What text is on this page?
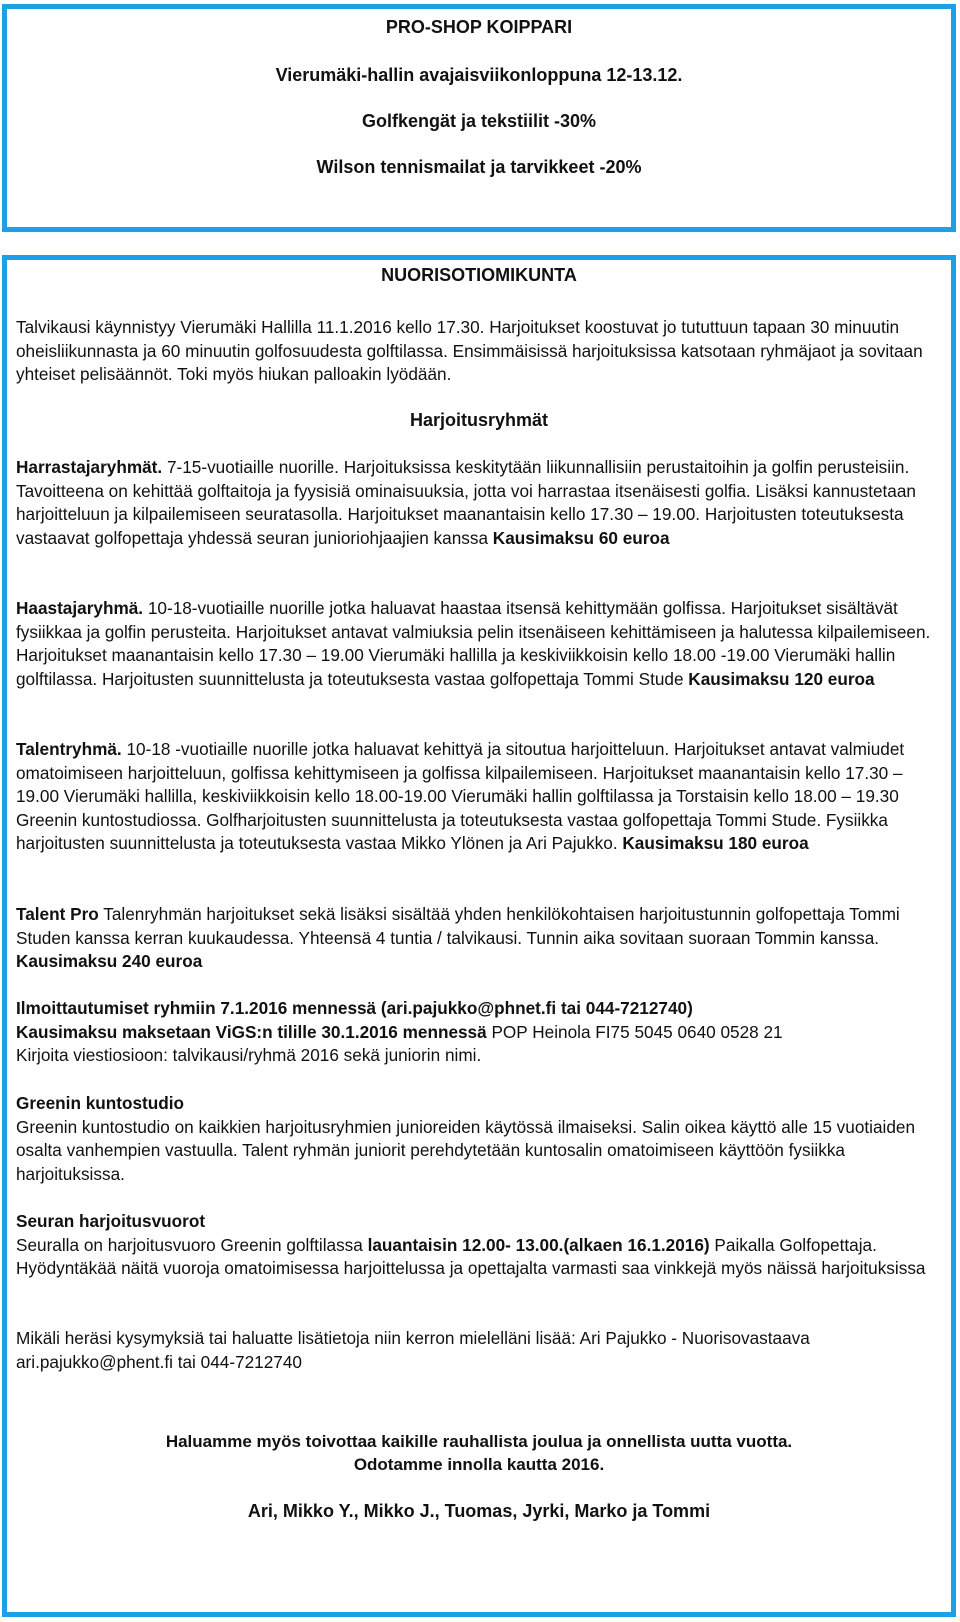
PRO-SHOP KOIPPARI
Vierumäki-hallin avajaisviikonloppuna 12-13.12.
Golfkengät ja tekstiilit -30%
Wilson tennismailat ja tarvikkeet -20%
NUORISOTIOMIKUNTA

Talvikausi käynnistyy Vierumäki Hallilla 11.1.2016 kello 17.30. Harjoitukset koostuvat jo tututtuun tapaan 30 minuutin oheisliikunnasta ja 60 minuutin golfosuudesta golftilassa. Ensimmäisissä harjoituksissa katsotaan ryhmäjaot ja sovitaan yhteiset pelisäännöt. Toki myös hiukan palloakin lyödään.

Harjoitusryhmät

Harrastajaryhmät. 7-15-vuotiaille nuorille. Harjoituksissa keskitytään liikunnallisiin perustaitoihin ja golfin perusteisiin. Tavoitteena on kehittää golftaitoja ja fyysisiä ominaisuuksia, jotta voi harrastaa itsenäisesti golfia. Lisäksi kannustetaan harjoitteluun ja kilpailemiseen seuratasolla. Harjoitukset maanantaisin kello 17.30 – 19.00. Harjoitusten toteutuksesta vastaavat golfopettaja yhdessä seuran junioriohjaajien kanssa Kausimaksu 60 euroa

Haastajaryhmä. 10-18-vuotiaille nuorille jotka haluavat haastaa itsensä kehittymään golfissa. Harjoitukset sisältävät fysiikkaa ja golfin perusteita. Harjoitukset antavat valmiuksia pelin itsenäiseen kehittämiseen ja halutessa kilpailemiseen. Harjoitukset maanantaisin kello 17.30 – 19.00 Vierumäki hallilla ja keskiviikkoisin kello 18.00 -19.00 Vierumäki hallin golftilassa. Harjoitusten suunnittelusta ja toteutuksesta vastaa golfopettaja Tommi Stude Kausimaksu 120 euroa

Talentryhmä. 10-18 -vuotiaille nuorille jotka haluavat kehittyä ja sitoutua harjoitteluun. Harjoitukset antavat valmiudet omatoimiseen harjoitteluun, golfissa kehittymiseen ja golfissa kilpailemiseen. Harjoitukset maanantaisin kello 17.30 – 19.00 Vierumäki hallilla, keskiviikkoisin kello 18.00-19.00 Vierumäki hallin golftilassa ja Torstaisin kello 18.00 – 19.30 Greenin kuntostudiossa. Golfharjoitusten suunnittelusta ja toteutuksesta vastaa golfopettaja Tommi Stude. Fysiikka harjoitusten suunnittelusta ja toteutuksesta vastaa Mikko Ylönen ja Ari Pajukko. Kausimaksu 180 euroa

Talent Pro Talenryhmän harjoitukset sekä lisäksi sisältää yhden henkilökohtaisen harjoitustunnin golfopettaja Tommi Studen kanssa kerran kuukaudessa. Yhteensä 4 tuntia / talvikausi. Tunnin aika sovitaan suoraan Tommin kanssa. Kausimaksu 240 euroa

Ilmoittautumiset ryhmiin 7.1.2016 mennessä (ari.pajukko@phnet.fi tai 044-7212740)

Kausimaksu maksetaan ViGS:n tilille 30.1.2016 mennessä POP Heinola FI75 5045 0640 0528 21

Kirjoita viestiosioon: talvikausi/ryhmä 2016 sekä juniorin nimi.

Greenin kuntostudio

Greenin kuntostudio on kaikkien harjoitusryhmien junioreiden käytössä ilmaiseksi. Salin oikea käyttö alle 15 vuotiaiden osalta vanhempien vastuulla. Talent ryhmän juniorit perehdytetään kuntosalin omatoimiseen käyttöön fysiikka harjoituksissa.

Seuran harjoitusvuorot

Seuralla on harjoitusvuoro Greenin golftilassa lauantaisin 12.00- 13.00.(alkaen 16.1.2016) Paikalla Golfopettaja. Hyödyntäkää näitä vuoroja omatoimisessa harjoittelussa ja opettajalta varmasti saa vinkkejä myös näissä harjoituksissa

Mikäli heräsi kysymyksiä tai haluatte lisätietoja niin kerron mielelläni lisää: Ari Pajukko - Nuorisovastaava ari.pajukko@phent.fi tai 044-7212740

Haluamme myös toivottaa kaikille rauhallista joulua ja onnellista uutta vuotta.
Odotamme innolla kautta 2016.
Ari, Mikko Y., Mikko J., Tuomas, Jyrki, Marko ja Tommi
